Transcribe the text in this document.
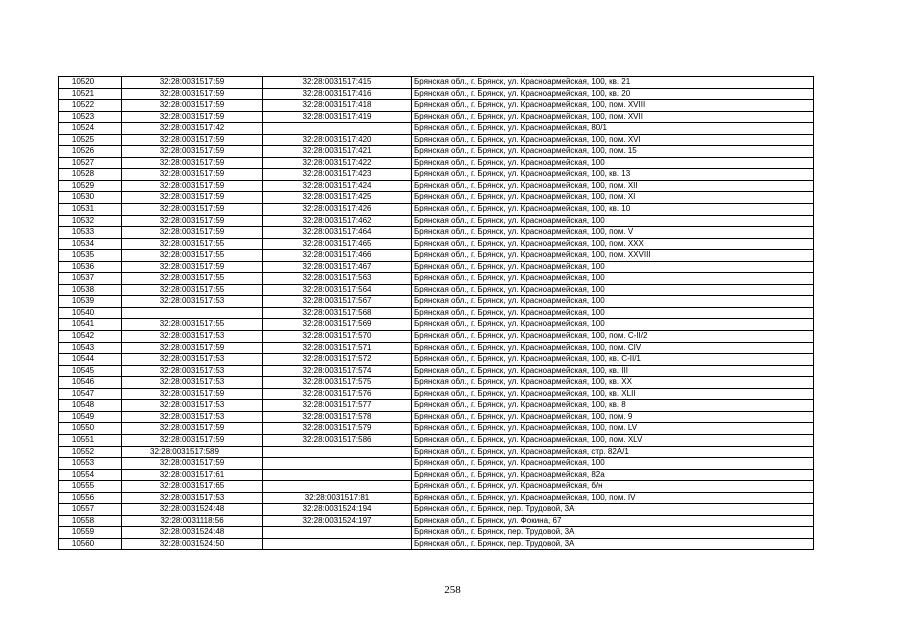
10520	32:28:0031517:59	32:28:0031517:415	Брянская обл., г. Брянск, ул. Красноармейская, 100, кв. 21
10521	32:28:0031517:59	32:28:0031517:416	Брянская обл., г. Брянск, ул. Красноармейская, 100, кв. 20
10522	32:28:0031517:59	32:28:0031517:418	Брянская обл., г. Брянск, ул. Красноармейская, 100, пом. XVIII
10523	32:28:0031517:59	32:28:0031517:419	Брянская обл., г. Брянск, ул. Красноармейская, 100, пом. XVII
10524	32:28:0031517:42		Брянская обл., г. Брянск, ул. Красноармейская, 80/1
10525	32:28:0031517:59	32:28:0031517:420	Брянская обл., г. Брянск, ул. Красноармейская, 100, пом. XVI
10526	32:28:0031517:59	32:28:0031517:421	Брянская обл., г. Брянск, ул. Красноармейская, 100, пом. 15
10527	32:28:0031517:59	32:28:0031517:422	Брянская обл., г. Брянск, ул. Красноармейская, 100
10528	32:28:0031517:59	32:28:0031517:423	Брянская обл., г. Брянск, ул. Красноармейская, 100, кв. 13
10529	32:28:0031517:59	32:28:0031517:424	Брянская обл., г. Брянск, ул. Красноармейская, 100, пом. XII
10530	32:28:0031517:59	32:28:0031517:425	Брянская обл., г. Брянск, ул. Красноармейская, 100, пом. XI
10531	32:28:0031517:59	32:28:0031517:426	Брянская обл., г. Брянск, ул. Красноармейская, 100, кв. 10
10532	32:28:0031517:59	32:28:0031517:462	Брянская обл., г. Брянск, ул. Красноармейская, 100
10533	32:28:0031517:59	32:28:0031517:464	Брянская обл., г. Брянск, ул. Красноармейская, 100, пом. V
10534	32:28:0031517:55	32:28:0031517:465	Брянская обл., г. Брянск, ул. Красноармейская, 100, пом. XXX
10535	32:28:0031517:55	32:28:0031517:466	Брянская обл., г. Брянск, ул. Красноармейская, 100, пом. XXVIII
10536	32:28:0031517:59	32:28:0031517:467	Брянская обл., г. Брянск, ул. Красноармейская, 100
10537	32:28:0031517:55	32:28:0031517:563	Брянская обл., г. Брянск, ул. Красноармейская, 100
10538	32:28:0031517:55	32:28:0031517:564	Брянская обл., г. Брянск, ул. Красноармейская, 100
10539	32:28:0031517:53	32:28:0031517:567	Брянская обл., г. Брянск, ул. Красноармейская, 100
10540		32:28:0031517:568	Брянская обл., г. Брянск, ул. Красноармейская, 100
10541	32:28:0031517:55	32:28:0031517:569	Брянская обл., г. Брянск, ул. Красноармейская, 100
10542	32:28:0031517:53	32:28:0031517:570	Брянская обл., г. Брянск, ул. Красноармейская, 100, пом. С-II/2
10543	32:28:0031517:59	32:28:0031517:571	Брянская обл., г. Брянск, ул. Красноармейская, 100, пом. CIV
10544	32:28:0031517:53	32:28:0031517:572	Брянская обл., г. Брянск, ул. Красноармейская, 100, кв. С-II/1
10545	32:28:0031517:53	32:28:0031517:574	Брянская обл., г. Брянск, ул. Красноармейская, 100, кв. III
10546	32:28:0031517:53	32:28:0031517:575	Брянская обл., г. Брянск, ул. Красноармейская, 100, кв. XX
10547	32:28:0031517:59	32:28:0031517:576	Брянская обл., г. Брянск, ул. Красноармейская, 100, кв. XLII
10548	32:28:0031517:53	32:28:0031517:577	Брянская обл., г. Брянск, ул. Красноармейская, 100, кв. 8
10549	32:28:0031517:53	32:28:0031517:578	Брянская обл., г. Брянск, ул. Красноармейская, 100, пом. 9
10550	32:28:0031517:59	32:28:0031517:579	Брянская обл., г. Брянск, ул. Красноармейская, 100, пом. LV
10551	32:28:0031517:59	32:28:0031517:586	Брянская обл., г. Брянск, ул. Красноармейская, 100, пом. XLV
10552	32:28:0031517:589		Брянская обл., г. Брянск, ул. Красноармейская, стр. 82А/1
10553	32:28:0031517:59		Брянская обл., г. Брянск, ул. Красноармейская, 100
10554	32:28:0031517:61		Брянская обл., г. Брянск, ул. Красноармейская, 82а
10555	32:28:0031517:65		Брянская обл., г. Брянск, ул. Красноармейская, б/н
10556	32:28:0031517:53	32:28:0031517:81	Брянская обл., г. Брянск, ул. Красноармейская, 100, пом. IV
10557	32:28:0031524:48	32:28:0031524:194	Брянская обл., г. Брянск, пер. Трудовой, 3А
10558	32:28:0031118:56	32:28:0031524:197	Брянская обл., г. Брянск, ул. Фокина, 67
10559	32:28:0031524:48		Брянская обл., г. Брянск, пер. Трудовой, 3А
10560	32:28:0031524:50		Брянская обл., г. Брянск, пер. Трудовой, 3А
258
